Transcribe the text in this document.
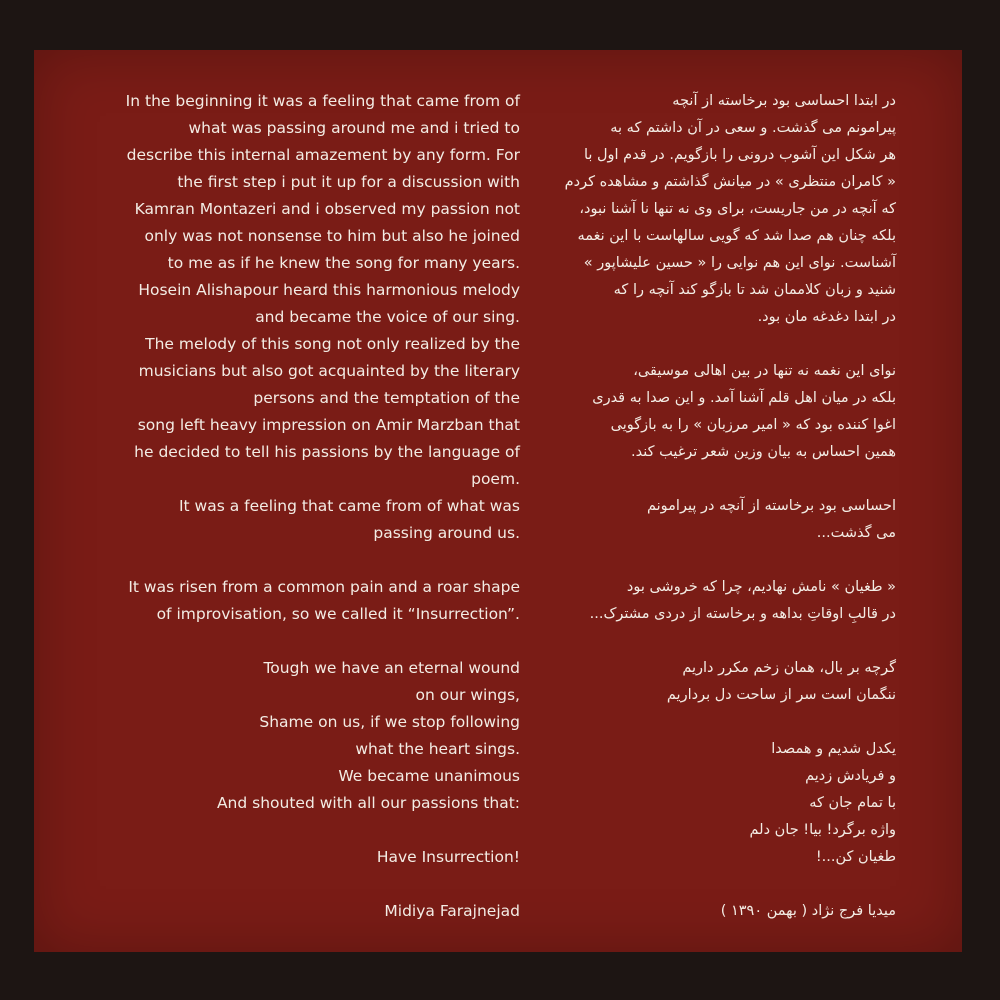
In the beginning it was a feeling that came from of
what was passing around me and i tried to
describe this internal amazement by any form. For
the first step i put it up for a discussion with
Kamran Montazeri and i observed my passion not
only was not nonsense to him but also he joined
to me as if he knew the song for many years.
Hosein Alishapour heard this harmonious melody
and became the voice of our sing.
The melody of this song not only realized by the
musicians but also got acquainted by the literary
persons and the temptation of the
song left heavy impression on Amir Marzban that
he decided to tell his passions by the language of
poem.
It was a feeling that came from of what was
passing around us.
It was risen from a common pain and a roar shape
of improvisation, so we called it “Insurrection”.
Tough we have an eternal wound
on our wings,
Shame on us, if we stop following
what the heart sings.
We became unanimous
And shouted with all our passions that:
Have Insurrection!
Midiya Farajnejad
در ابتدا احساسی بود برخاسته از آنچه
پیرامونم می گذشت. و سعی در آن داشتم که به
هر شکل این آشوب درونی را بازگویم. در قدم اول با
« کامران منتظری » در میانش گذاشتم و مشاهده کردم
که آنچه در من جاریست، برای وی نه تنها نا آشنا نبود،
بلکه چنان هم صدا شد که گویی سالهاست با این نغمه
آشناست. نوای این هم نوایی را « حسین علیشاپور »
شنید و زبان کلاممان شد تا بازگو کند آنچه را که
در ابتدا دغدغه مان بود.
نوای این نغمه نه تنها در بین اهالی موسیقی،
بلکه در میان اهل قلم آشنا آمد. و این صدا به قدری
اغوا کننده بود که « امیر مرزبان » را به بازگویی
همین احساس به بیان وزین شعر ترغیب کند.
احساسی بود برخاسته از آنچه در پیرامونم
می گذشت...
« طغیان » نامش نهادیم، چرا که خروشی بود
در قالبِ اوقاتِ بداهه و برخاسته از دردی مشترک...
گرچه بر بال، همان زخم مکرر داریم
ننگمان است سر از ساحت دل برداریم
یکدل شدیم و همصدا
و فریادش زدیم
با تمام جان که
واژه برگرد! بیا! جان دلم
طغیان کن...!
میدیا فرج نژاد ( بهمن ۱۳۹۰ )
